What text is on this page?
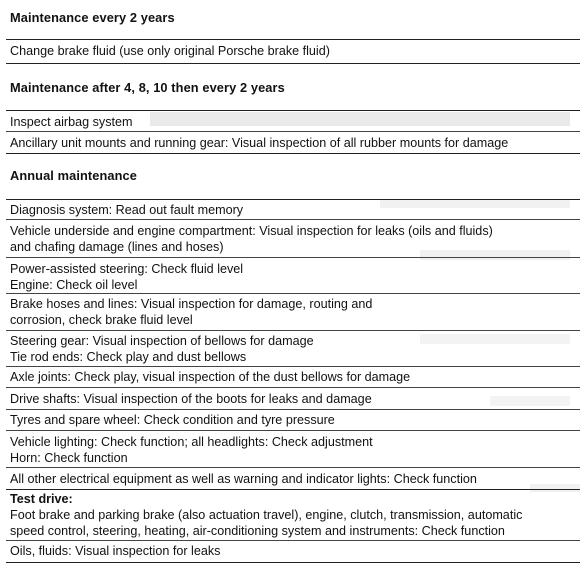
Maintenance every 2 years
Change brake fluid (use only original Porsche brake fluid)
Maintenance after 4, 8, 10 then every 2 years
Inspect airbag system
Ancillary unit mounts and running gear: Visual inspection of all rubber mounts for damage
Annual maintenance
Diagnosis system: Read out fault memory
Vehicle underside and engine compartment: Visual inspection for leaks (oils and fluids)
and chafing damage (lines and hoses)
Power-assisted steering: Check fluid level
Engine: Check oil level
Brake hoses and lines: Visual inspection for damage, routing and
corrosion, check brake fluid level
Steering gear: Visual inspection of bellows for damage
Tie rod ends: Check play and dust bellows
Axle joints: Check play, visual inspection of the dust bellows for damage
Drive shafts: Visual inspection of the boots for leaks and damage
Tyres and spare wheel: Check condition and tyre pressure
Vehicle lighting: Check function; all headlights: Check adjustment
Horn: Check function
All other electrical equipment as well as warning and indicator lights: Check function
Test drive:
Foot brake and parking brake (also actuation travel), engine, clutch, transmission, automatic
speed control, steering, heating, air-conditioning system and instruments: Check function
Oils, fluids: Visual inspection for leaks
